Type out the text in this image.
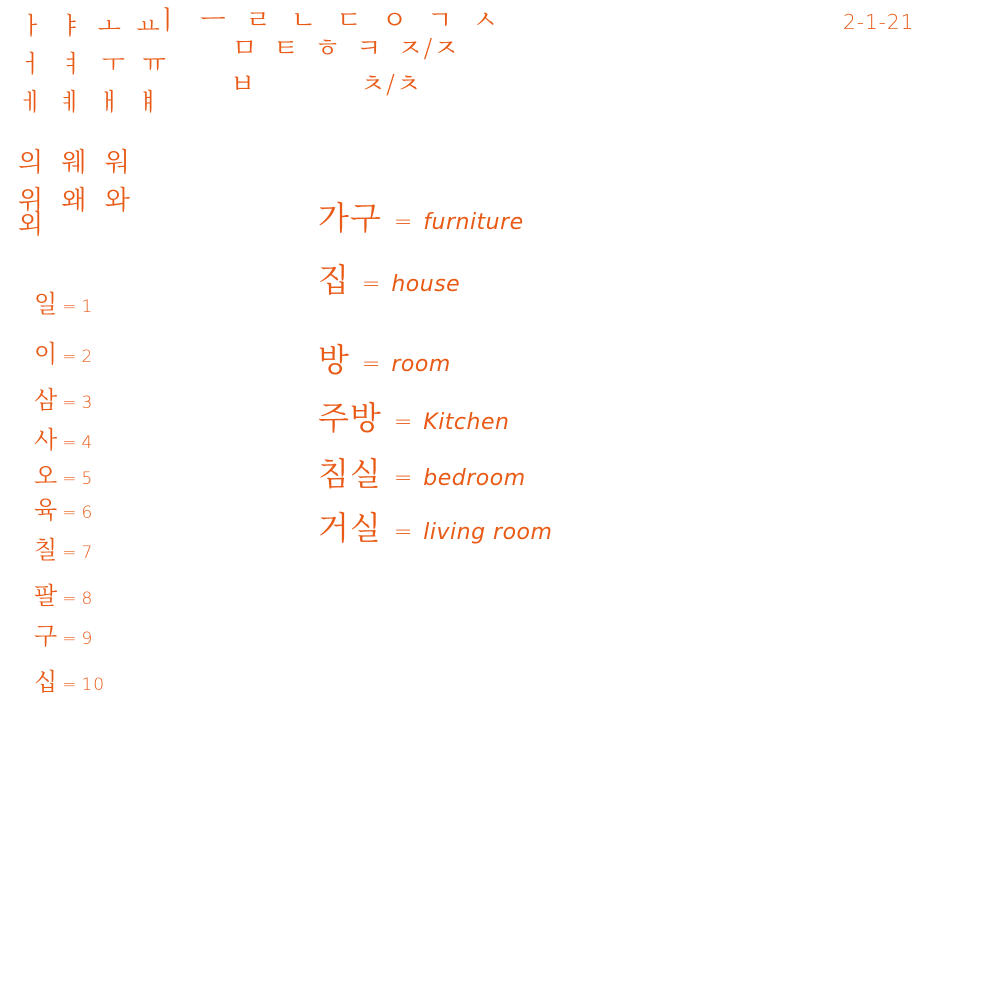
2-1-21
ㅏ ㅑ ㅗ ㅛ
ㅓ ㅕ ㅜ ㅠ
ㅔ ㅖ ㅐ ㅒ
ㅣ ㅡ ㄹ ㄴ ㄷ ㅇ ㄱ ㅅ
ㅁ ㅌ ㅎ ㅋ ㅈ/ㅈ
ㅂ	ㅊ/ㅊ
의 웨 워
위 왜 와
외
일 = 1
이 = 2
삼 = 3
사 = 4
오 = 5
육 = 6
칠 = 7
팔 = 8
구 = 9
십 = 10
가구 = furniture
집 = house
방 = room
주방 = Kitchen
침실 = bedroom
거실 = living room
